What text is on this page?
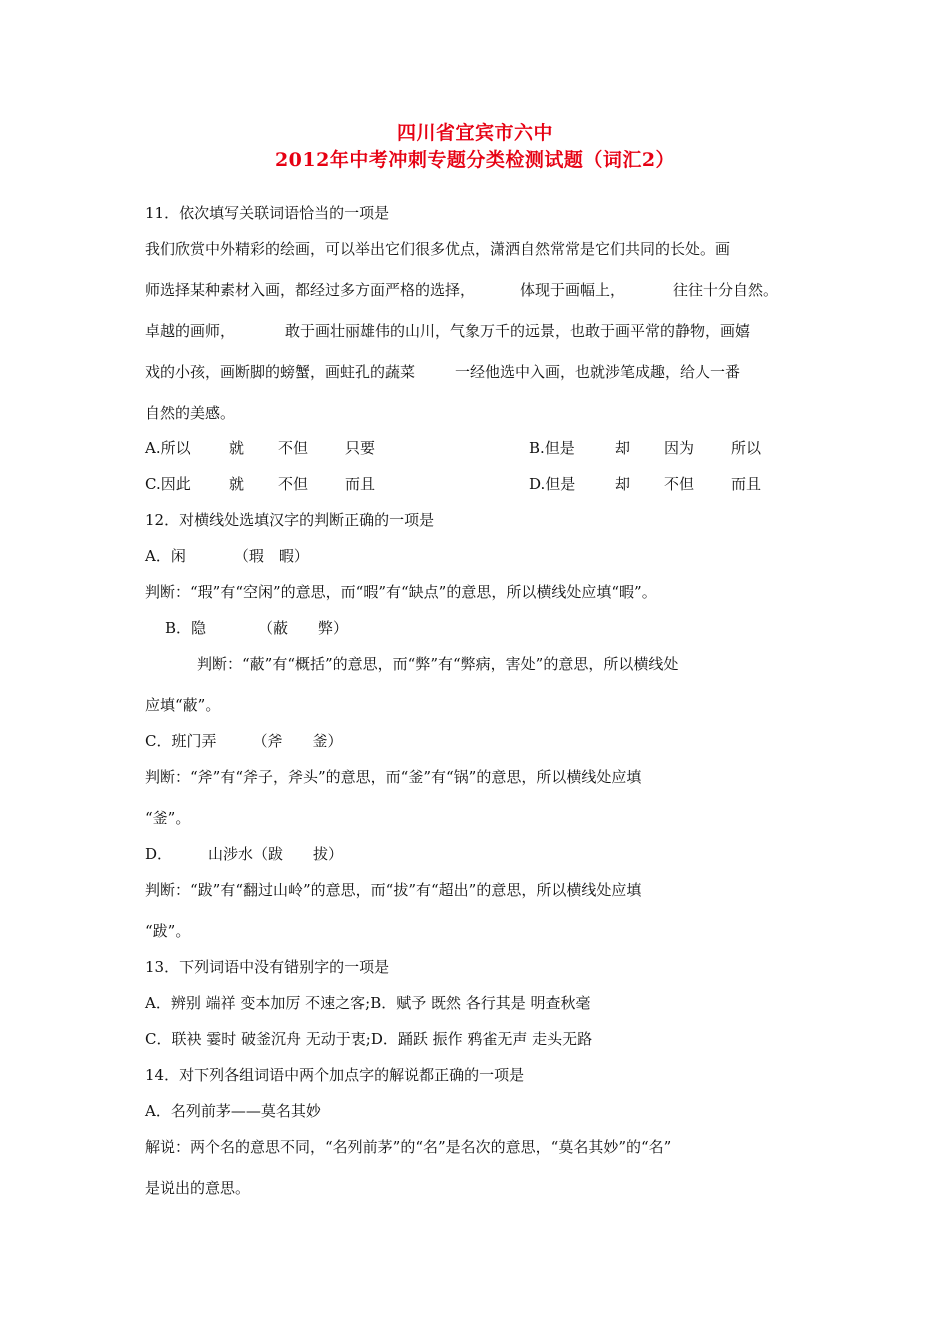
四川省宜宾市六中
2012年中考冲刺专题分类检测试题（词汇2）
11．依次填写关联词语恰当的一项是
我们欣赏中外精彩的绘画，可以举出它们很多优点，潇洒自然常常是它们共同的长处。画
师选择某种素材入画，都经过多方面严格的选择，	体现于画幅上，	往往十分自然。
卓越的画师，	敢于画壮丽雄伟的山川，气象万千的远景，也敢于画平常的静物，画嬉
戏的小孩，画断脚的螃蟹，画蛀孔的蔬菜	一经他选中入画，也就涉笔成趣，给人一番
自然的美感。
A.所以	就 不但 只要	B.但是	却 因为 所以
C.因此	就 不但 而且	D.但是	却 不但 而且
12．对横线处选填汉字的判断正确的一项是
A．闲	（瑕　暇）
判断：“瑕”有“空闲”的意思，而“暇”有“缺点”的意思，所以横线处应填“暇”。
B．隐	（蔽　　弊）
判断：“蔽”有“概括”的意思，而“弊”有“弊病，害处”的意思，所以横线处
应填“蔽”。
C．班门弄 （斧　　釜）
判断：“斧”有“斧子，斧头”的意思，而“釜”有“锅”的意思，所以横线处应填
“釜”。
D． 山涉水（跋　　拔）
判断：“跋”有“翻过山岭”的意思，而“拔”有“超出”的意思，所以横线处应填
“跋”。
13．下列词语中没有错别字的一项是
A．辨别 端祥 变本加厉 不速之客;B．赋予 既然 各行其是 明查秋毫
C．联袂 霎时 破釜沉舟 无动于衷;D．踊跃 振作 鸦雀无声 走头无路
14．对下列各组词语中两个加点字的解说都正确的一项是
A．名列前茅——莫名其妙
解说：两个名的意思不同，“名列前茅”的“名”是名次的意思，“莫名其妙”的“名”
是说出的意思。
